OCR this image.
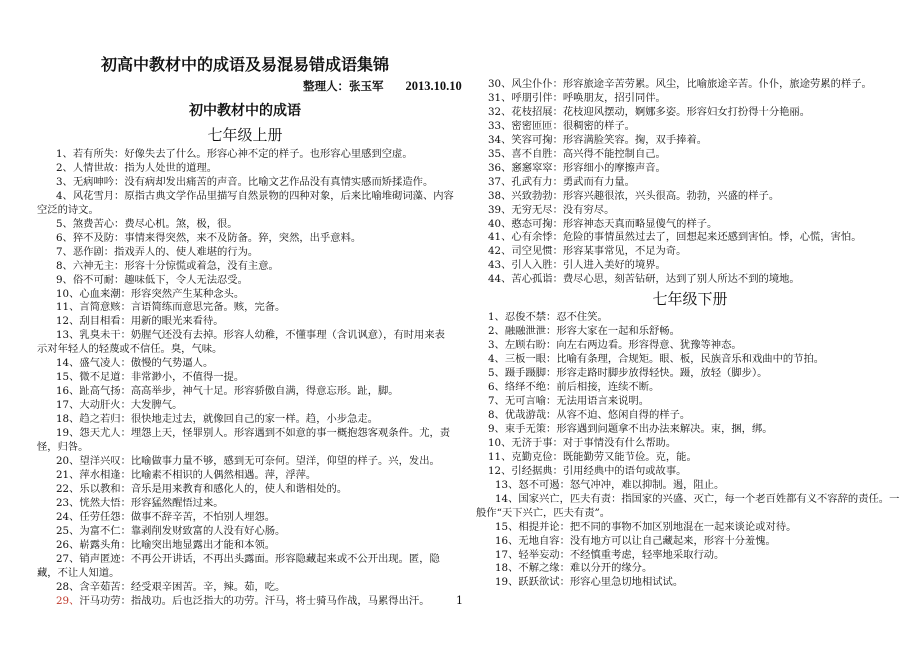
初高中教材中的成语及易混易错成语集锦
整理人：张玉军 2013.10.10
初中教材中的成语
七年级上册
1、若有所失：好像失去了什么。形容心神不定的样子。也形容心里感到空虚。
2、人情世故：指为人处世的道理。
3、无病呻吟：没有病却发出痛苦的声音。比喻文艺作品没有真情实感而矫揉造作。
4、风花雪月：原指古典文学作品里描写自然景物的四种对象，后来比喻堆砌词藻、内容空泛的诗文。
5、煞费苦心：费尽心机。煞，极，很。
6、猝不及防：事情来得突然，来不及防备。猝，突然，出乎意料。
7、恶作剧：指戏弄人的、使人难堪的行为。
8、六神无主：形容十分惊慌或着急，没有主意。
9、俗不可耐：趣味低下，令人无法忍受。
10、心血来潮：形容突然产生某种念头。
11、言简意赅：言语简练而意思完备。赅，完备。
12、刮目相看：用新的眼光来看待。
13、乳臭未干：奶腥气还没有去掉。形容人幼稚，不懂事理（含讥讽意），有时用来表示对年轻人的轻蔑或不信任。臭，气味。
14、盛气凌人：傲慢的气势逼人。
15、微不足道：非常渺小，不值得一提。
16、趾高气扬：高高举步，神气十足。形容骄傲自满，得意忘形。趾，脚。
17、大动肝火：大发脾气。
18、趋之若归：很快地走过去，就像回自己的家一样。趋，小步急走。
19、怨天尤人：埋怨上天，怪罪别人。形容遇到不如意的事一概抱怨客观条件。尤，责怪，归咎。
20、望洋兴叹：比喻做事力量不够，感到无可奈何。望洋，仰望的样子。兴，发出。
21、萍水相逢：比喻素不相识的人偶然相遇。萍，浮萍。
22、乐以教和：音乐是用来教育和感化人的，使人和谐相处的。
23、恍然大悟：形容猛然醒悟过来。
24、任劳任怨：做事不辞辛苦，不怕别人埋怨。
25、为富不仁：靠剥削发财致富的人没有好心肠。
26、崭露头角：比喻突出地显露出才能和本领。
27、销声匿迹：不再公开讲话，不再出头露面。形容隐藏起来或不公开出现。匿，隐藏，不让人知道。
28、含辛茹苦：经受艰辛困苦。辛，辣。茹，吃。
29、汗马功劳：指战功。后也泛指大的功劳。汗马，将士骑马作战，马累得出汗。
30、风尘仆仆：形容旅途辛苦劳累。风尘，比喻旅途辛苦。仆仆，旅途劳累的样子。
31、呼朋引伴：呼唤朋友，招引同伴。
32、花枝招展：花枝迎风摆动，婀娜多姿。形容妇女打扮得十分艳丽。
33、密密匝匝：很稠密的样子。
34、笑容可掬：形容满脸笑容。掬，双手捧着。
35、喜不自胜：高兴得不能控制自己。
36、窸窸窣窣：形容细小的摩擦声音。
37、孔武有力：勇武而有力量。
38、兴致勃勃：形容兴趣很浓，兴头很高。勃勃，兴盛的样子。
39、无穷无尽：没有穷尽。
40、憨态可掬：形容神态天真而略显傻气的样子。
41、心有余悸：危险的事情虽然过去了，回想起来还感到害怕。悸，心慌，害怕。
42、司空见惯：形容某事常见，不足为奇。
43、引人入胜：引人进入美好的境界。
44、苦心孤诣：费尽心思，刻苦钻研，达到了别人所达不到的境地。
七年级下册
1、忍俊不禁：忍不住笑。
2、融融泄泄：形容大家在一起和乐舒畅。
3、左顾右盼：向左右两边看。形容得意、犹豫等神态。
4、三板一眼：比喻有条理，合规矩。眼、板，民族音乐和戏曲中的节拍。
5、蹑手蹑脚：形容走路时脚步放得轻快。蹑，放轻（脚步）。
6、络绎不绝：前后相接，连续不断。
7、无可言喻：无法用语言来说明。
8、优哉游哉：从容不迫、悠闲自得的样子。
9、束手无策：形容遇到问题拿不出办法来解决。束，捆，绑。
10、无济于事：对于事情没有什么帮助。
11、克勤克俭：既能勤劳又能节俭。克，能。
12、引经据典：引用经典中的语句或故事。
13、怒不可遏：怒气冲冲，难以抑制。遏，阻止。
14、国家兴亡，匹夫有责：指国家的兴盛、灭亡，每一个老百姓都有义不容辞的责任。一般作“天下兴亡，匹夫有责”。
15、相提并论：把不同的事物不加区别地混在一起来谈论或对待。
16、无地自容：没有地方可以让自己藏起来，形容十分羞愧。
17、轻举妄动：不经慎重考虑，轻率地采取行动。
18、不解之缘：难以分开的缘分。
19、跃跃欲试：形容心里急切地相试试。
1
